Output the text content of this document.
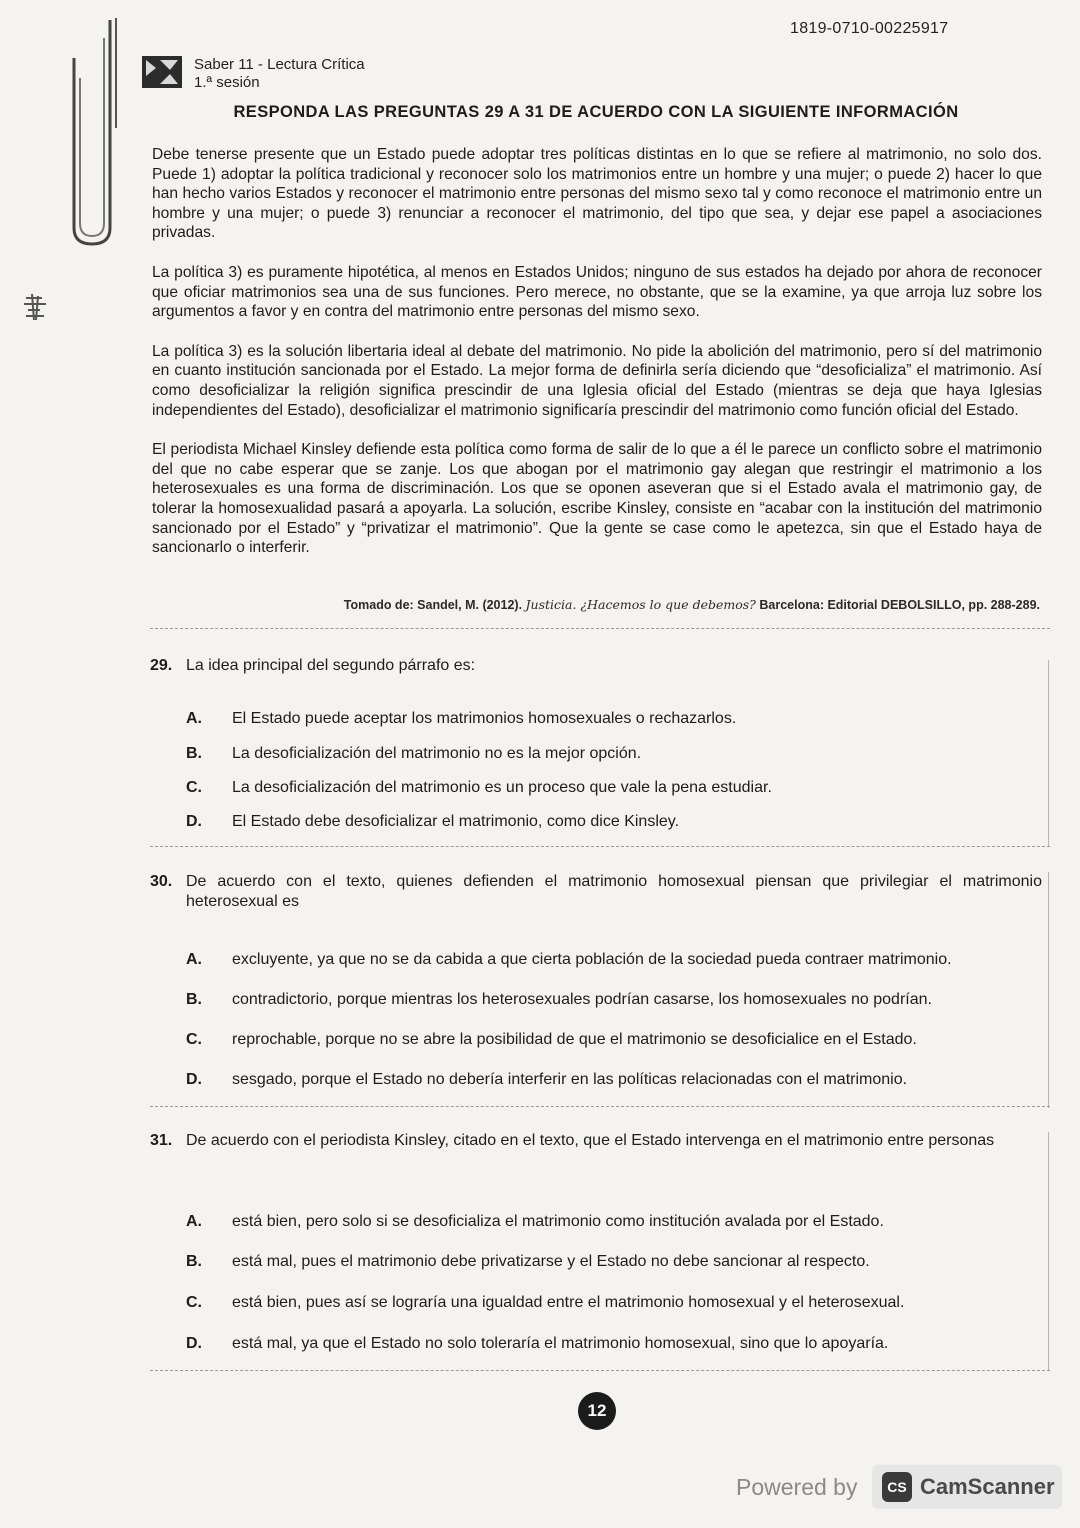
1819-0710-00225917
Saber 11 - Lectura Crítica
1.ª sesión
RESPONDA LAS PREGUNTAS 29 A 31 DE ACUERDO CON LA SIGUIENTE INFORMACIÓN

Debe tenerse presente que un Estado puede adoptar tres políticas distintas en lo que se refiere al matrimonio, no solo dos. Puede 1) adoptar la política tradicional y reconocer solo los matrimonios entre un hombre y una mujer; o puede 2) hacer lo que han hecho varios Estados y reconocer el matrimonio entre personas del mismo sexo tal y como reconoce el matrimonio entre un hombre y una mujer; o puede 3) renunciar a reconocer el matrimonio, del tipo que sea, y dejar ese papel a asociaciones privadas.

La política 3) es puramente hipotética, al menos en Estados Unidos; ninguno de sus estados ha dejado por ahora de reconocer que oficiar matrimonios sea una de sus funciones. Pero merece, no obstante, que se la examine, ya que arroja luz sobre los argumentos a favor y en contra del matrimonio entre personas del mismo sexo.

La política 3) es la solución libertaria ideal al debate del matrimonio. No pide la abolición del matrimonio, pero sí del matrimonio en cuanto institución sancionada por el Estado. La mejor forma de definirla sería diciendo que “desoficializa” el matrimonio. Así como desoficializar la religión significa prescindir de una Iglesia oficial del Estado (mientras se deja que haya Iglesias independientes del Estado), desoficializar el matrimonio significaría prescindir del matrimonio como función oficial del Estado.

El periodista Michael Kinsley defiende esta política como forma de salir de lo que a él le parece un conflicto sobre el matrimonio del que no cabe esperar que se zanje. Los que abogan por el matrimonio gay alegan que restringir el matrimonio a los heterosexuales es una forma de discriminación. Los que se oponen aseveran que si el Estado avala el matrimonio gay, de tolerar la homosexualidad pasará a apoyarla. La solución, escribe Kinsley, consiste en “acabar con la institución del matrimonio sancionado por el Estado” y “privatizar el matrimonio”. Que la gente se case como le apetezca, sin que el Estado haya de sancionarlo o interferir.

Tomado de: Sandel, M. (2012). Justicia. ¿Hacemos lo que debemos? Barcelona: Editorial DEBOLSILLO, pp. 288-289.
29. La idea principal del segundo párrafo es:
A.	El Estado puede aceptar los matrimonios homosexuales o rechazarlos.
B.	La desoficialización del matrimonio no es la mejor opción.
C.	La desoficialización del matrimonio es un proceso que vale la pena estudiar.
D.	El Estado debe desoficializar el matrimonio, como dice Kinsley.
30. De acuerdo con el texto, quienes defienden el matrimonio homosexual piensan que privilegiar el matrimonio heterosexual es
A.	excluyente, ya que no se da cabida a que cierta población de la sociedad pueda contraer matrimonio.
B.	contradictorio, porque mientras los heterosexuales podrían casarse, los homosexuales no podrían.
C.	reprochable, porque no se abre la posibilidad de que el matrimonio se desoficialice en el Estado.
D.	sesgado, porque el Estado no debería interferir en las políticas relacionadas con el matrimonio.
31. De acuerdo con el periodista Kinsley, citado en el texto, que el Estado intervenga en el matrimonio entre personas
A.	está bien, pero solo si se desoficializa el matrimonio como institución avalada por el Estado.
B.	está mal, pues el matrimonio debe privatizarse y el Estado no debe sancionar al respecto.
C.	está bien, pues así se lograría una igualdad entre el matrimonio homosexual y el heterosexual.
D.	está mal, ya que el Estado no solo toleraría el matrimonio homosexual, sino que lo apoyaría.
12
Powered by	CS CamScanner
